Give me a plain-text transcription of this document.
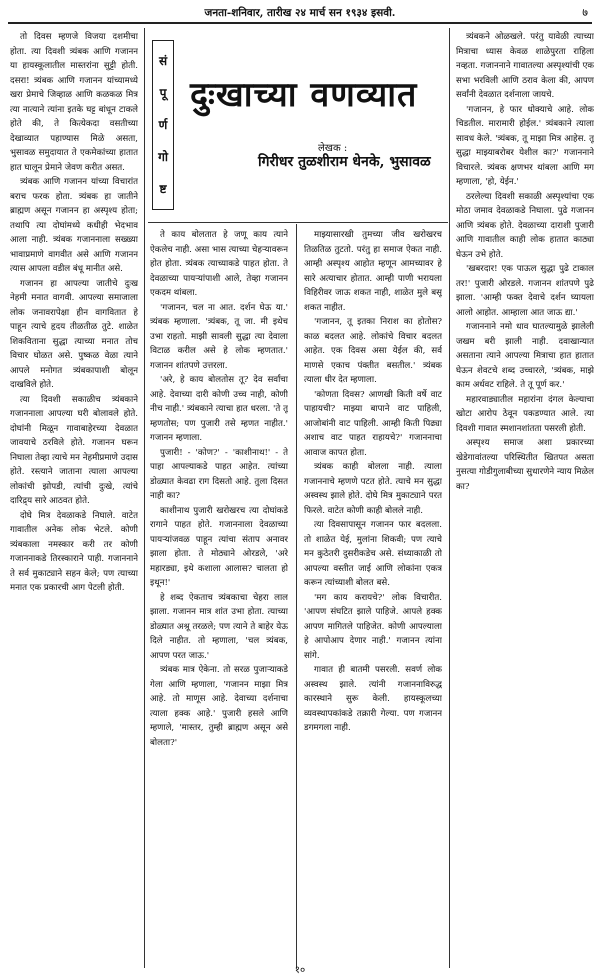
जनता-शनिवार, तारीख २४ मार्च सन १९३४ इसवी.	७

तो दिवस म्हणजे विजया दशमीचा होता. त्या दिवशी त्र्यंबक आणि गजानन या हायस्कूलातील मास्तरांना सुट्टी होती. दसरा! त्र्यंबक आणि गजानन यांच्यामध्ये खरा प्रेमाचे जिव्हाळ आणि कळकळ मित्र त्या नात्याने त्यांना इतके घट्ट बांधून टाकले होते की, ते कित्येकदा वसतीच्या देखाव्यात पहाण्यास मिळे असता, भुसावळ समुदायात ते एकमेकांच्या हातात हात घालून प्रेमाने जेवण करीत असत.

त्र्यंबक आणि गजानन यांच्या विचारांत बराच फरक होता. त्र्यंबक हा जातीने ब्राह्मण असून गजानन हा अस्पृश्य होता; तथापि त्या दोघांमध्ये कधीही भेदभाव आला नाही. त्र्यंबक गजाननाला सख्ख्या भावाप्रमाणे वागवीत असे आणि गजानन त्यास आपला वडील बंधू मानीत असे.

गजानन हा आपल्या जातीचे दुःख नेहमी मनात वागवी. आपल्या समाजाला लोक जनावरापेक्षा हीन वागवितात हे पाहून त्याचे हृदय तीळतीळ तुटे. शाळेत शिकविताना सुद्धा त्याच्या मनात तोच विचार घोळत असे. पुष्कळ वेळा त्याने आपले मनोगत त्र्यंबकापाशी बोलून दाखविले होते.

त्या दिवशी सकाळीच त्र्यंबकाने गजाननाला आपल्या घरी बोलावले होते. दोघांनी मिळून गावाबाहेरच्या देवळात जावयाचे ठरविले होते. गजानन घरून निघाला तेव्हा त्याचे मन नेहमीप्रमाणे उदास होते. रस्त्याने जाताना त्याला आपल्या लोकांची झोपडी, त्यांची दुःखे, त्यांचे दारिद्र्य सारे आठवत होते.

दोघे मित्र देवळाकडे निघाले. वाटेत गावातील अनेक लोक भेटले. कोणी त्र्यंबकाला नमस्कार करी तर कोणी गजाननाकडे तिरस्काराने पाही. गजाननाने ते सर्व मुकाट्याने सहन केले; पण त्याच्या मनात एक प्रकारची आग पेटली होती.

सं
पू
र्ण
गो
ष्ट
दुःखाच्या वणव्यात
लेखक :
गिरीधर तुळशीराम धेनके, भुसावळ

ते काय बोलतात हे जणू काय त्याने ऐकलेच नाही. असा भास त्याच्या चेहऱ्यावरून होत होता. त्र्यंबक त्याच्याकडे पाहत होता. ते देवळाच्या पायऱ्यांपाशी आले, तेव्हा गजानन एकदम थांबला.

'गजानन, चल ना आत. दर्शन घेऊ या.' त्र्यंबक म्हणाला. 'त्र्यंबक, तू जा. मी इथेच उभा राहतो. माझी सावली सुद्धा त्या देवाला विटाळ करील असे हे लोक म्हणतात.' गजानन शांतपणे उत्तरला.

'अरे, हे काय बोलतोस तू? देव सर्वांचा आहे. देवाच्या दारी कोणी उच्च नाही, कोणी नीच नाही.' त्र्यंबकाने त्याचा हात धरला. 'ते तू म्हणतोस; पण पुजारी तसे म्हणत नाहीत.' गजानन म्हणाला.

पुजारी! - 'कोण?' - 'काशीनाथ!' - ते पाहा आपल्याकडे पाहत आहेत. त्यांच्या डोळ्यात केवढा राग दिसतो आहे. तुला दिसत नाही का?

काशीनाथ पुजारी खरोखरच त्या दोघांकडे रागाने पाहत होते. गजाननाला देवळाच्या पायऱ्यांजवळ पाहून त्यांचा संताप अनावर झाला होता. ते मोठ्याने ओरडले, 'अरे महारड्या, इथे कशाला आलास? चालता हो इथून!'

हे शब्द ऐकताच त्र्यंबकाचा चेहरा लाल झाला. गजानन मात्र शांत उभा होता. त्याच्या डोळ्यात अश्रू तरळले; पण त्याने ते बाहेर येऊ दिले नाहीत. तो म्हणाला, 'चल त्र्यंबक, आपण परत जाऊ.'

त्र्यंबक मात्र ऐकेना. तो सरळ पुजाऱ्याकडे गेला आणि म्हणाला, 'गजानन माझा मित्र आहे. तो माणूस आहे. देवाच्या दर्शनाचा त्याला हक्क आहे.' पुजारी हसले आणि म्हणाले, 'मास्तर, तुम्ही ब्राह्मण असून असे बोलता?'

माझ्यासारखी तुमच्या जीव खरोखरच तिळतिळ तुटतो. परंतु हा समाज ऐकत नाही. आम्ही अस्पृश्य आहोत म्हणून आमच्यावर हे सारे अत्याचार होतात. आम्ही पाणी भरायला विहिरीवर जाऊ शकत नाही, शाळेत मुले बसू शकत नाहीत.

'गजानन, तू इतका निराश का होतोस? काळ बदलत आहे. लोकांचे विचार बदलत आहेत. एक दिवस असा येईल की, सर्व माणसे एकाच पंक्तीत बसतील.' त्र्यंबक त्याला धीर देत म्हणाला.

'कोणता दिवस? आणखी किती वर्षे वाट पाहायची? माझ्या बापाने वाट पाहिली, आजोबांनी वाट पाहिली. आम्ही किती पिढ्या अशाच वाट पाहत राहायचे?' गजाननाचा आवाज कापत होता.

त्र्यंबक काही बोलला नाही. त्याला गजाननाचे म्हणणे पटत होते. त्याचे मन सुद्धा अस्वस्थ झाले होते. दोघे मित्र मुकाट्याने परत फिरले. वाटेत कोणी काही बोलले नाही.

त्या दिवसापासून गजानन फार बदलला. तो शाळेत येई, मुलांना शिकवी; पण त्याचे मन कुठेतरी दुसरीकडेच असे. संध्याकाळी तो आपल्या वस्तीत जाई आणि लोकांना एकत्र करून त्यांच्याशी बोलत बसे.

'मग काय करायचे?' लोक विचारीत. 'आपण संघटित झाले पाहिजे. आपले हक्क आपण मागितले पाहिजेत. कोणी आपल्याला हे आपोआप देणार नाही.' गजानन त्यांना सांगे.

गावात ही बातमी पसरली. सवर्ण लोक अस्वस्थ झाले. त्यांनी गजाननाविरुद्ध कारस्थाने सुरू केली. हायस्कूलच्या व्यवस्थापकांकडे तक्रारी गेल्या. पण गजानन डगमगला नाही.

त्र्यंबकने ओळखले. परंतु यावेळी त्याच्या मित्राचा ध्यास केवळ शाळेपुरता राहिला नव्हता. गजाननाने गावातल्या अस्पृश्यांची एक सभा भरविली आणि ठराव केला की, आपण सर्वांनी देवळात दर्शनाला जायचे.

'गजानन, हे फार धोक्याचे आहे. लोक चिडतील. मारामारी होईल.' त्र्यंबकाने त्याला सावध केले. 'त्र्यंबक, तू माझा मित्र आहेस. तू सुद्धा माझ्याबरोबर येशील का?' गजाननाने विचारले. त्र्यंबक क्षणभर थांबला आणि मग म्हणाला, 'हो, येईन.'

ठरलेल्या दिवशी सकाळी अस्पृश्यांचा एक मोठा जमाव देवळाकडे निघाला. पुढे गजानन आणि त्र्यंबक होते. देवळाच्या दाराशी पुजारी आणि गावातील काही लोक हातात काठ्या घेऊन उभे होते.

'खबरदार! एक पाऊल सुद्धा पुढे टाकाल तर!' पुजारी ओरडले. गजानन शांतपणे पुढे झाला. 'आम्ही फक्त देवाचे दर्शन घ्यायला आलो आहोत. आम्हाला आत जाऊ द्या.'

गजाननाने नमो धाव घातल्यामुळे झालेली जखम बरी झाली नाही. दवाखान्यात असताना त्याने आपल्या मित्राचा हात हातात घेऊन शेवटचे शब्द उच्चारले, 'त्र्यंबक, माझे काम अर्धवट राहिले. ते तू पूर्ण कर.'

महारवाड्यातील महारांना दंगल केल्याचा खोटा आरोप ठेवून पकडण्यात आले. त्या दिवशी गावात स्मशानशांतता पसरली होती.

अस्पृश्य समाज अशा प्रकारच्या खेडेगावांतल्या परिस्थितीत खितपत असता नुसत्या गोडीगुलाबीच्या सुधारणेने न्याय मिळेल का?

१०
